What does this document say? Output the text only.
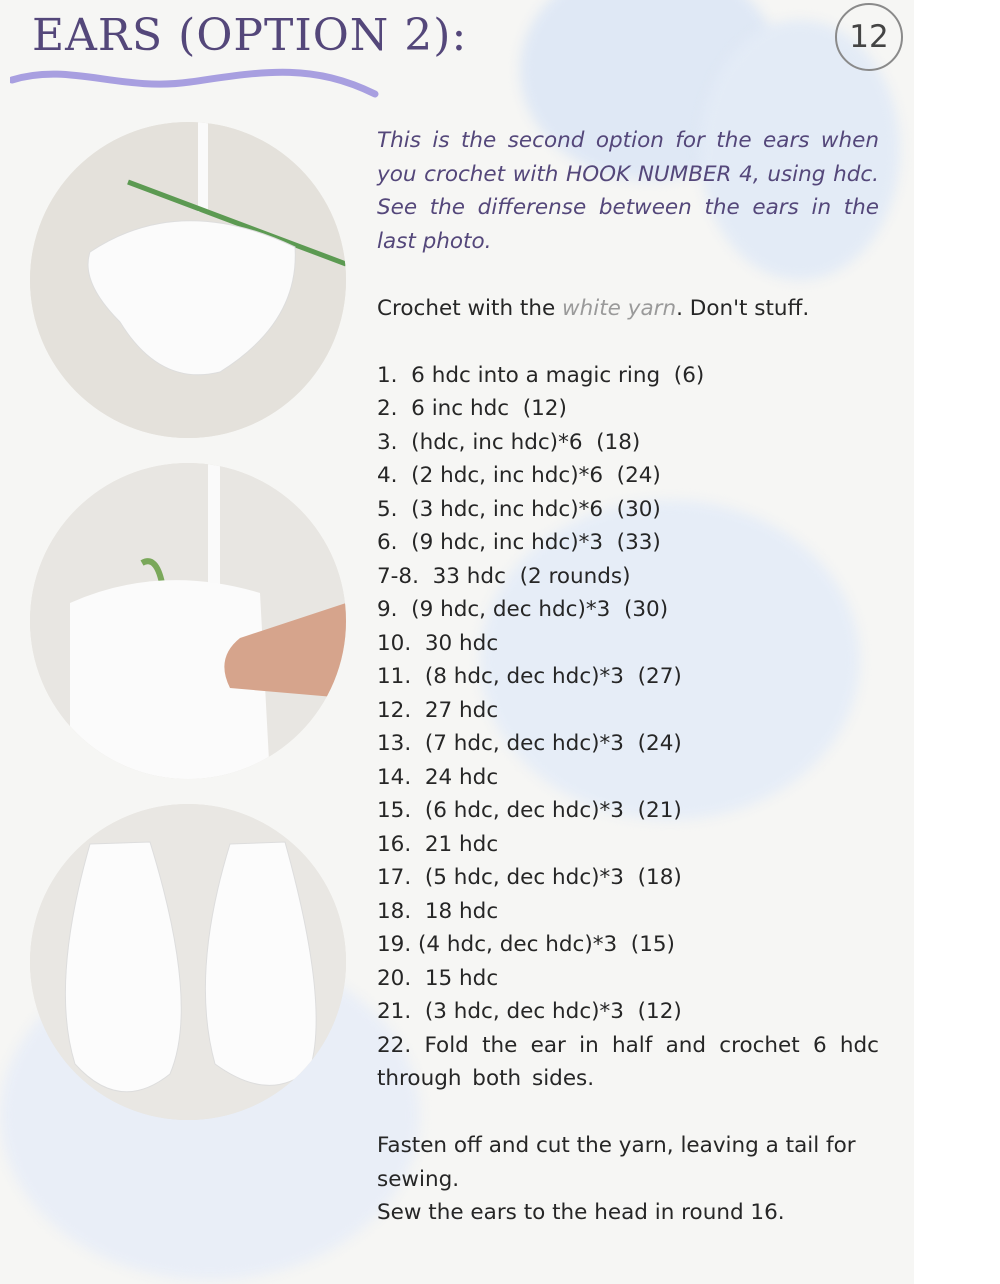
EARS (OPTION 2):	12

This is the second option for the ears when you crochet with HOOK NUMBER 4, using hdc. See the differense between the ears in the last photo.

Crochet with the white yarn. Don't stuff.

1.  6 hdc into a magic ring  (6)

2.  6 inc hdc  (12)

3.  (hdc, inc hdc)*6  (18)

4.  (2 hdc, inc hdc)*6  (24)

5.  (3 hdc, inc hdc)*6  (30)

6.  (9 hdc, inc hdc)*3  (33)

7-8.  33 hdc  (2 rounds)

9.  (9 hdc, dec hdc)*3  (30)

10.  30 hdc

11.  (8 hdc, dec hdc)*3  (27)

12.  27 hdc

13.  (7 hdc, dec hdc)*3  (24)

14.  24 hdc

15.  (6 hdc, dec hdc)*3  (21)

16.  21 hdc

17.  (5 hdc, dec hdc)*3  (18)

18.  18 hdc

19. (4 hdc, dec hdc)*3  (15)

20.  15 hdc

21.  (3 hdc, dec hdc)*3  (12)

22. Fold the ear in half and crochet 6 hdc through both sides.

Fasten off and cut the yarn, leaving a tail for sewing.

Sew the ears to the head in round 16.
